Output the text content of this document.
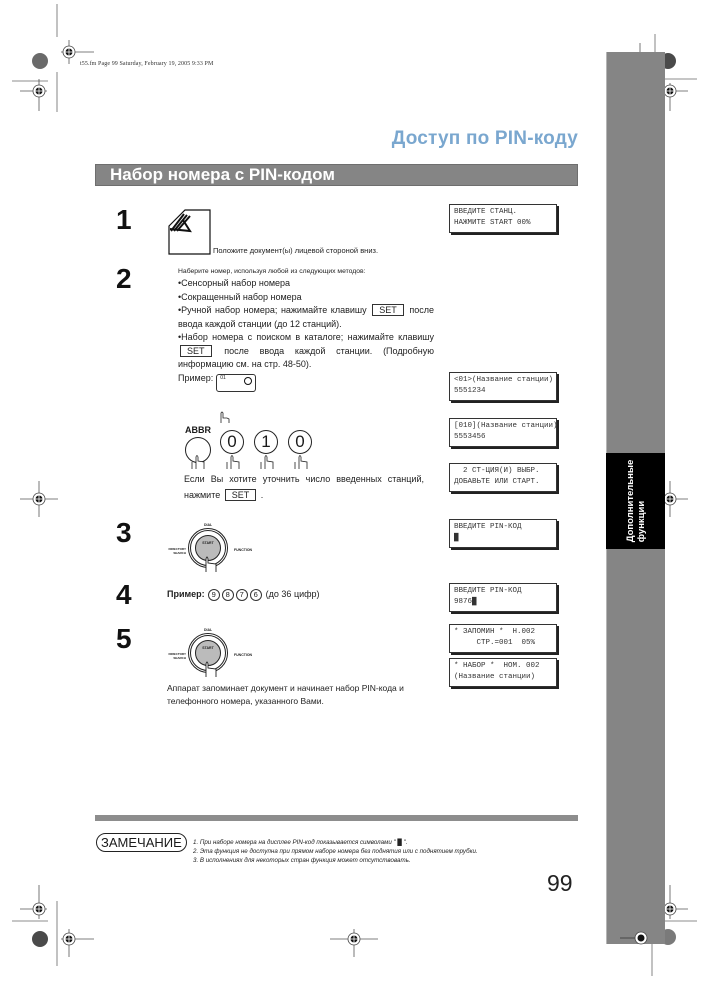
t55.fm Page 99 Saturday, February 19, 2005 9:33 PM
Дополнительные функции
Доступ по PIN-коду
Набор номера с PIN-кодом
1
Положите документ(ы) лицевой стороной вниз.
ВВЕДИТЕ СТАНЦ.
НАЖМИТЕ START 00%
2	Наберите номер, используя любой из следующих методов:
•Сенсорный набор номера
•Сокращенный набор номера
•Ручной набор номера; нажимайте клавишу SET после ввода каждой станции (до 12 станций).
•Набор номера с поиском в каталоге; нажимайте клавишу SET после ввода каждой станции. (Подробную информацию см. на стр. 48-50).
Пример: 01
ABBR
0 1 0
Если Вы хотите уточнить число введенных станций, нажмите SET .
<01>(Название станции)
5551234
[010](Название станции)
5553456
2 СТ-ЦИЯ(И) ВЫБР.
ДОБАВЬТЕ ИЛИ СТАРТ.
3	DIAL
DIRECTORY SEARCH
FUNCTION
START
ВВЕДИТЕ PIN-КОД
█
4	Пример: 9	8	7	6 (до 36 цифр)	ВВЕДИТЕ PIN-КОД
9876█
5	DIAL
DIRECTORY SEARCH
FUNCTION
START
Аппарат запоминает документ и начинает набор PIN-кода и телефонного номера, указанного Вами.
* ЗАПОМИН *  Н.002
СТР.=001  05%
* НАБОР *  НОМ. 002
(Название станции)
ЗАМЕЧАНИЕ	1. При наборе номера на дисплее PIN-код показывается символами " █ ".
2. Эта функция не доступна при прямом наборе номера без поднятия или с поднятием трубки.
3. В исполнениях для некоторых стран функция может отсутствовать.
99
